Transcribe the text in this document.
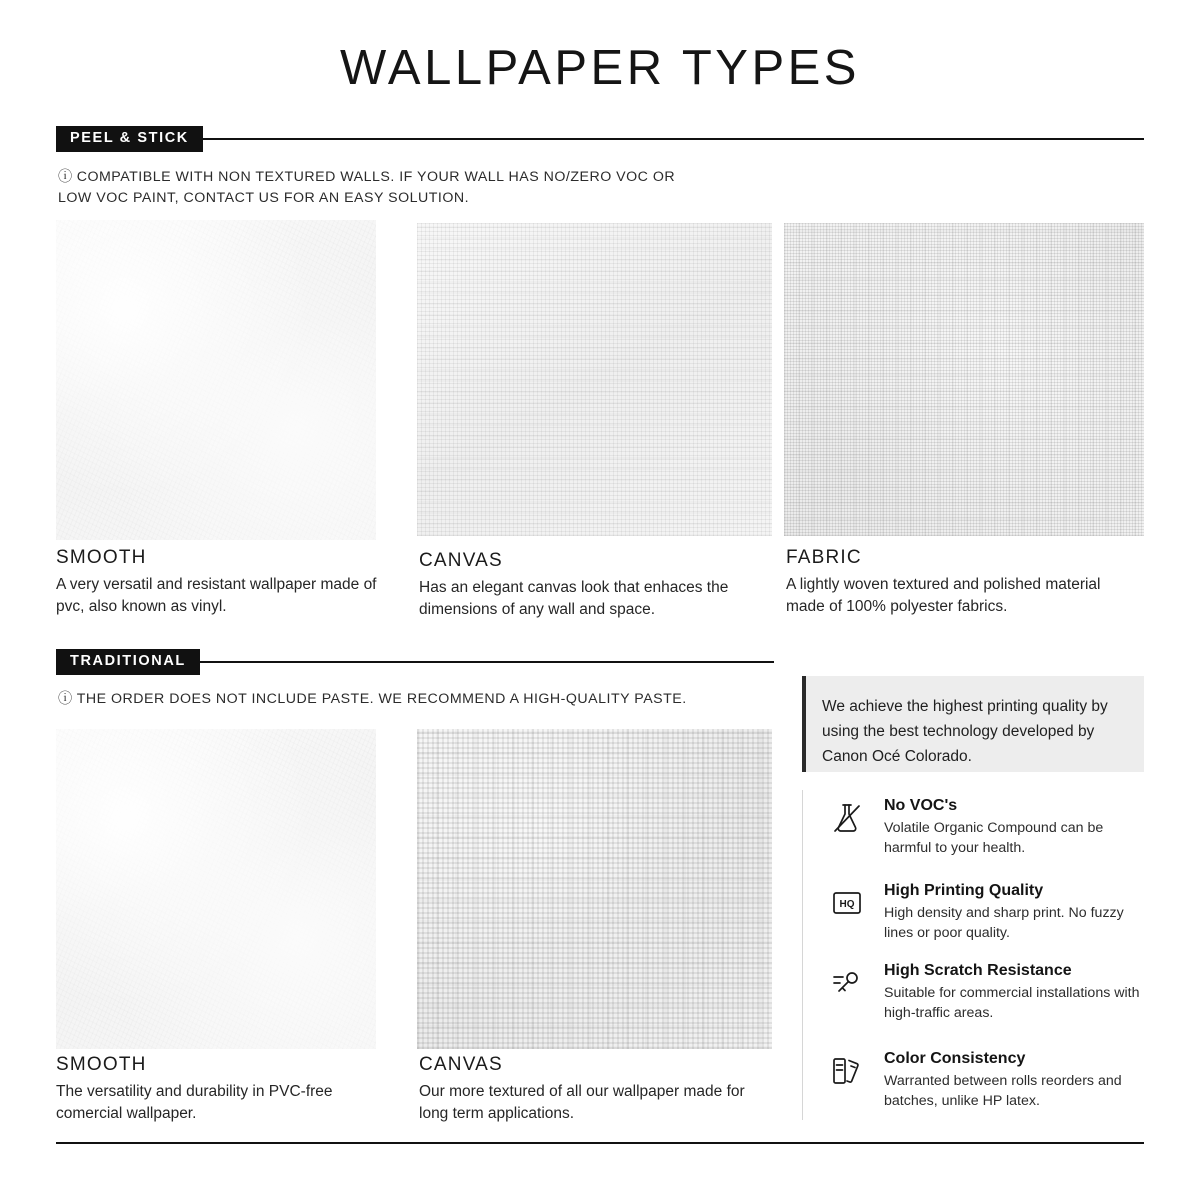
WALLPAPER TYPES
PEEL & STICK
ⓘ COMPATIBLE WITH NON TEXTURED WALLS. IF YOUR WALL HAS NO/ZERO VOC OR LOW VOC PAINT, CONTACT US FOR AN EASY SOLUTION.
SMOOTH
A very versatil and resistant wallpaper made of pvc, also known as vinyl.
CANVAS
Has an elegant canvas look that enhaces the dimensions of any wall and space.
FABRIC
A lightly woven textured and polished material made of 100% polyester fabrics.
TRADITIONAL
ⓘ THE ORDER DOES NOT INCLUDE PASTE. WE RECOMMEND A HIGH-QUALITY PASTE.
SMOOTH
The versatility and durability in PVC-free comercial wallpaper.
CANVAS
Our more textured of all our wallpaper made for long term applications.

We achieve the highest printing quality by using the best technology developed by Canon Océ Colorado.

No VOC's

Volatile Organic Compound can be harmful to your health.

HQ
High Printing Quality

High density and sharp print. No fuzzy lines or poor quality.

High Scratch Resistance

Suitable for commercial installations with high-traffic areas.

Color Consistency

Warranted between rolls reorders and batches, unlike HP latex.
